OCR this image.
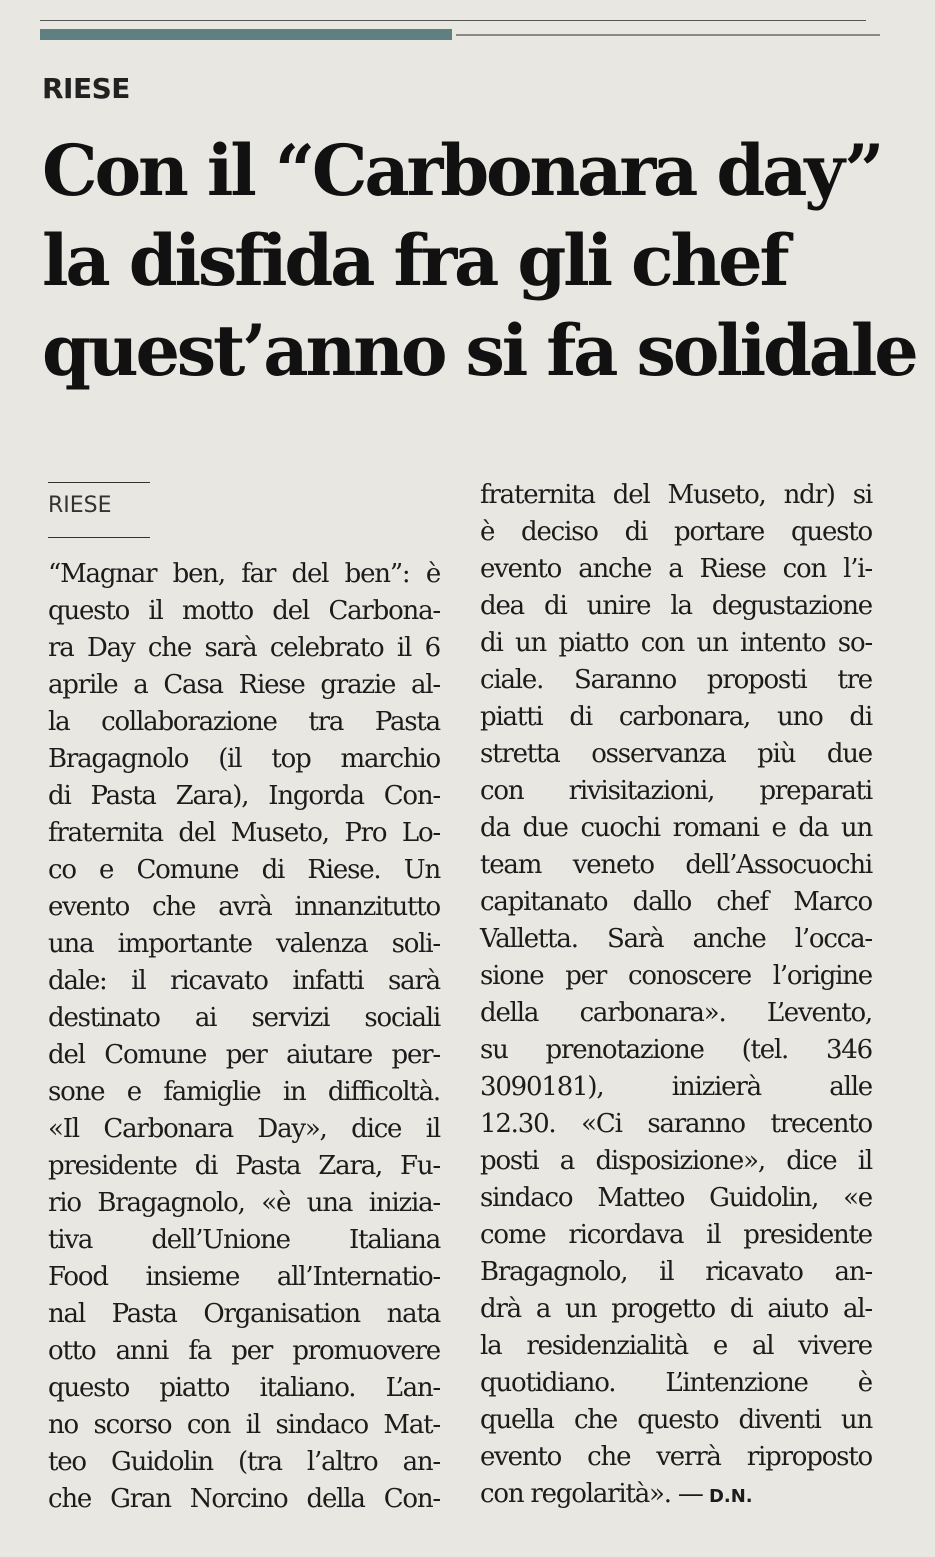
RIESE
Con il “Carbonara day”
la disfida fra gli chef
quest’anno si fa solidale
RIESE
“Magnar ben, far del ben”: è
questo il motto del Carbona-
ra Day che sarà celebrato il 6
aprile a Casa Riese grazie al-
la collaborazione tra Pasta
Bragagnolo (il top marchio
di Pasta Zara), Ingorda Con-
fraternita del Museto, Pro Lo-
co e Comune di Riese. Un
evento che avrà innanzitutto
una importante valenza soli-
dale: il ricavato infatti sarà
destinato ai servizi sociali
del Comune per aiutare per-
sone e famiglie in difficoltà.
«Il Carbonara Day», dice il
presidente di Pasta Zara, Fu-
rio Bragagnolo, «è una inizia-
tiva dell’Unione Italiana
Food insieme all’Internatio-
nal Pasta Organisation nata
otto anni fa per promuovere
questo piatto italiano. L’an-
no scorso con il sindaco Mat-
teo Guidolin (tra l’altro an-
che Gran Norcino della Con-
fraternita del Museto, ndr) si
è deciso di portare questo
evento anche a Riese con l’i-
dea di unire la degustazione
di un piatto con un intento so-
ciale. Saranno proposti tre
piatti di carbonara, uno di
stretta osservanza più due
con rivisitazioni, preparati
da due cuochi romani e da un
team veneto dell’Assocuochi
capitanato dallo chef Marco
Valletta. Sarà anche l’occa-
sione per conoscere l’origine
della carbonara». L’evento,
su prenotazione (tel. 346
3090181), inizierà alle
12.30. «Ci saranno trecento
posti a disposizione», dice il
sindaco Matteo Guidolin, «e
come ricordava il presidente
Bragagnolo, il ricavato an-
drà a un progetto di aiuto al-
la residenzialità e al vivere
quotidiano. L’intenzione è
quella che questo diventi un
evento che verrà riproposto
con regolarità». — D.N.
